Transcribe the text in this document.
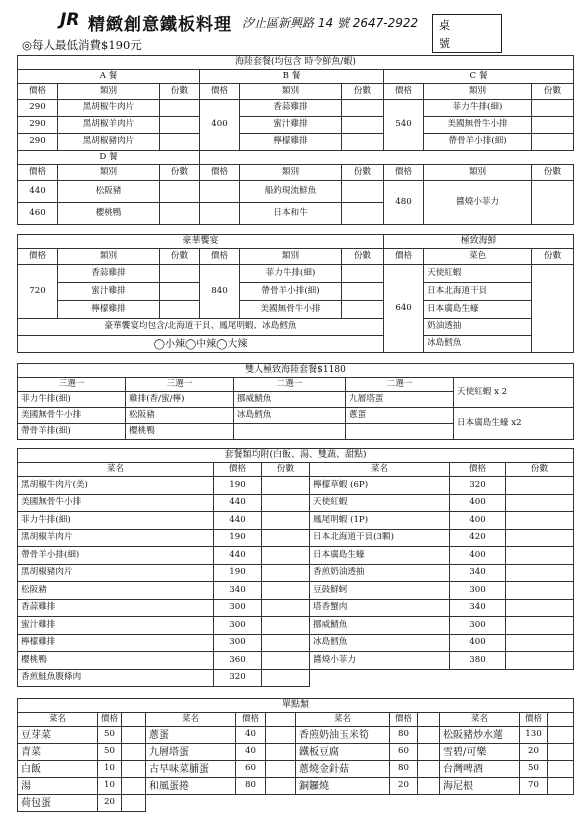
JR 精緻創意鐵板料理 汐止區新興路 14 號 2647-2922 桌
號
◎每人最低消費$190元
海陸套餐(均包含 時令鮮魚/蝦)								
A 餐			B 餐			C 餐		
價格	類別	份數	價格	類別	份數	價格	類別	份數
290	黑胡椒牛肉片		400	香蒜雞排		540	菲力牛排(細)	
290	黑胡椒羊肉片			蜜汁雞排			美國無骨牛小排	
290	黑胡椒豬肉片			檸檬雞排			帶骨羊小排(細)	
D 餐								
價格	類別	份數	價格	類別	份數	價格	類別	份數
440	松阪豬			船釣現流鮮魚		480	醬燒小菲力	
460	櫻桃鴨			日本和牛				
豪華饗宴						極致海鮮		
價格	類別	份數	價格	類別	份數	價格	菜色	份數
720	香蒜雞排		840	菲力牛排(細)		640	天使紅蝦	
	蜜汁雞排			帶骨羊小排(細)			日本北海道干貝	
	檸檬雞排			美國無骨牛小排			日本廣島生蠔	
豪華饗宴均包含/北海道干貝、鳳尾明蝦、冰島鱈魚							奶油透抽	
◯小辣◯中辣◯大辣							冰島鱈魚	
雙人極致海陸套餐$1180				
三選一	三選一	二選一	二選一	天使紅蝦 x 2
菲力牛排(細)	雞排(香/蜜/檸)	挪威鯖魚	九層塔蛋	
美國無骨牛小排	松阪豬	冰島鱈魚	蔥蛋	日本廣島生蠔 x2
帶骨羊排(細)	櫻桃鴨			
套餐類均附(白飯、湯、雙蔬、甜點)					
菜名	價格	份數	菜名	價格	份數
黑胡椒牛肉片(美)	190		檸檬草蝦 (6P)	320	
美國無骨牛小排	440		天使紅蝦	400	
菲力牛排(細)	440		鳳尾明蝦 (1P)	400	
黑胡椒羊肉片	190		日本北海道干貝(3顆)	420	
帶骨羊小排(細)	440		日本廣島生蠔	400	
黑胡椒豬肉片	190		香煎奶油透抽	340	
松阪豬	340		豆鼓鮮蚵	300	
香蒜雞排	300		塔香蟹肉	340	
蜜汁雞排	300		挪威鯖魚	300	
檸檬雞排	300		冰島鱈魚	400	
櫻桃鴨	360		醬燒小菲力	380	
香煎鮭魚腹條肉	320				
單點類											
菜名	價格		菜名	價格		菜名	價格		菜名	價格	
豆芽菜	50		蔥蛋	40		香煎奶油玉米筍	80		松阪豬炒水蓮	130	
青菜	50		九層塔蛋	40		鐵板豆腐	60		雪碧/可樂	20	
白飯	10		古早味菜脯蛋	60		蔥燒金針菇	80		台灣啤酒	50	
湯	10		和風蛋捲	80		銅鑼燒	20		海尼根	70	
荷包蛋	20										
